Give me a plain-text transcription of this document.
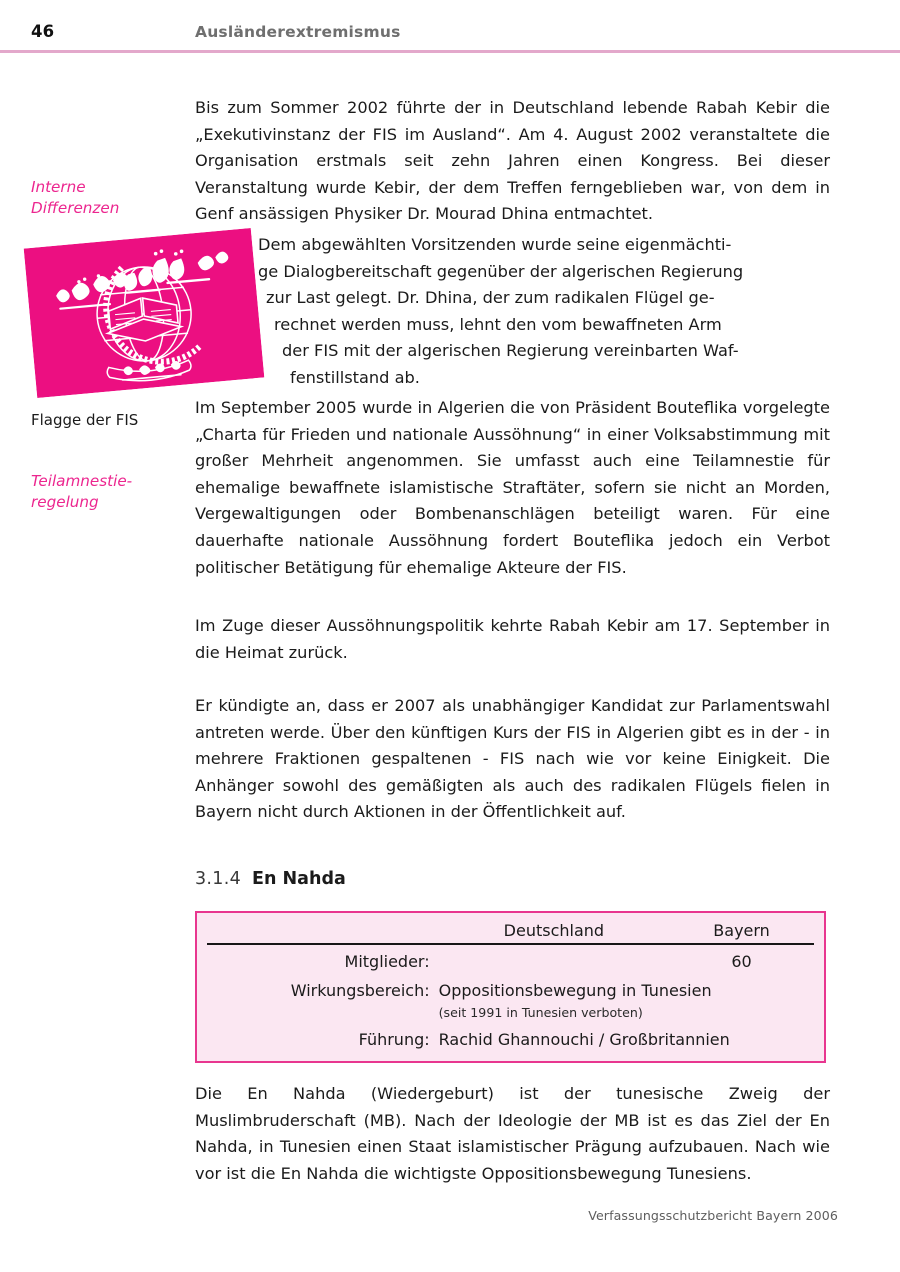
46	Ausländerextremismus
Interne
Differenzen
Teilamnestie-
regelung
Flagge der FIS
Bis zum Sommer 2002 führte der in Deutschland lebende Rabah Kebir die „Exekutivinstanz der FIS im Ausland“. Am 4. August 2002 veranstaltete die Organisation erstmals seit zehn Jahren einen Kongress. Bei dieser Veranstaltung wurde Kebir, der dem Treffen ferngeblieben war, von dem in Genf ansässigen Physiker Dr. Mourad Dhina entmachtet.
Dem abgewählten Vorsitzenden wurde seine eigenmächti-
ge Dialogbereitschaft gegenüber der algerischen Regierung
zur Last gelegt. Dr. Dhina, der zum radikalen Flügel ge-
rechnet werden muss, lehnt den vom bewaffneten Arm
der FIS mit der algerischen Regierung vereinbarten Waf-
fenstillstand ab.
Im September 2005 wurde in Algerien die von Präsident Bouteflika vorgelegte „Charta für Frieden und nationale Aussöhnung“ in einer Volksabstimmung mit großer Mehrheit angenommen. Sie umfasst auch eine Teilamnestie für ehemalige bewaffnete islamistische Straftäter, sofern sie nicht an Morden, Vergewaltigungen oder Bombenanschlägen beteiligt waren. Für eine dauerhafte nationale Aussöhnung fordert Bouteflika jedoch ein Verbot politischer Betätigung für ehemalige Akteure der FIS.
Im Zuge dieser Aussöhnungspolitik kehrte Rabah Kebir am 17. September in die Heimat zurück.
Er kündigte an, dass er 2007 als unabhängiger Kandidat zur Parlamentswahl antreten werde. Über den künftigen Kurs der FIS in Algerien gibt es in der - in mehrere Fraktionen gespaltenen - FIS nach wie vor keine Einigkeit. Die Anhänger sowohl des gemäßigten als auch des radikalen Flügels fielen in Bayern nicht durch Aktionen in der Öffentlichkeit auf.
3.1.4 En Nahda
	Deutschland	Bayern

Mitglieder:		60
Wirkungsbereich:	Oppositionsbewegung in Tunesien	
	(seit 1991 in Tunesien verboten)	
Führung:	Rachid Ghannouchi / Großbritannien	
Die En Nahda (Wiedergeburt) ist der tunesische Zweig der Muslimbruderschaft (MB). Nach der Ideologie der MB ist es das Ziel der En Nahda, in Tunesien einen Staat islamistischer Prägung aufzubauen. Nach wie vor ist die En Nahda die wichtigste Oppositionsbewegung Tunesiens.
Verfassungsschutzbericht Bayern 2006
